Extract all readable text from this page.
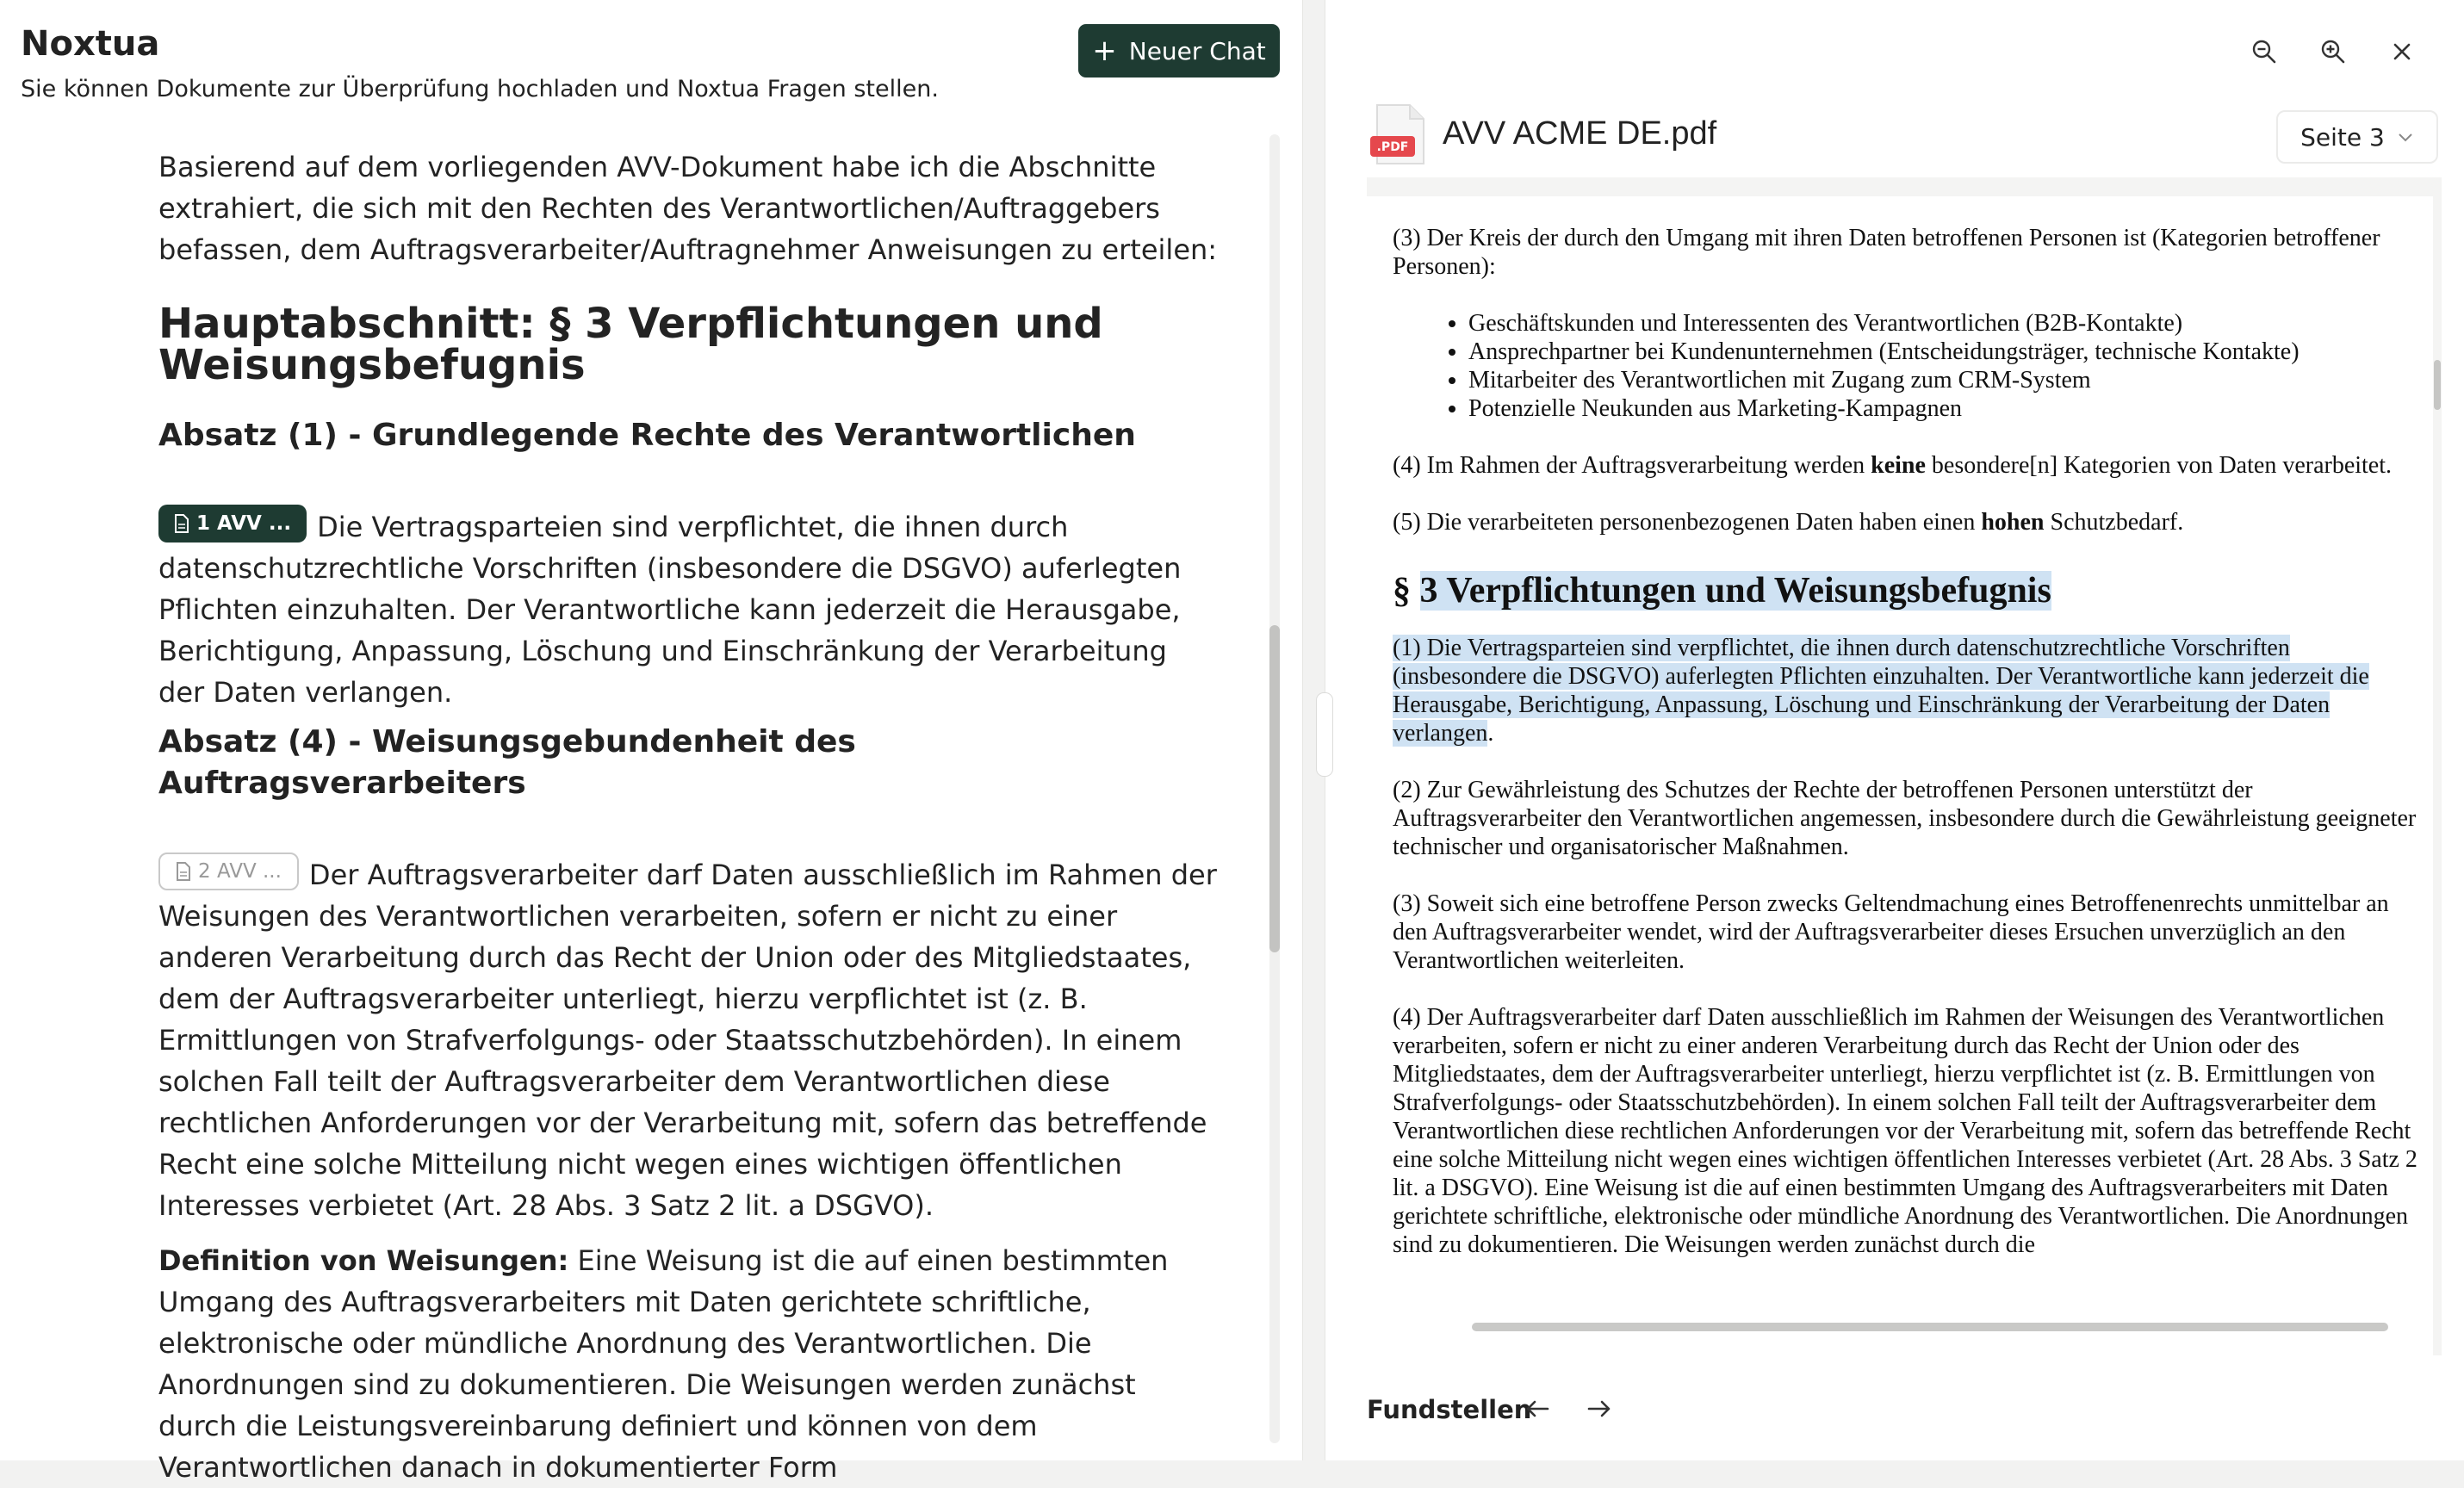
Noxtua
Sie können Dokumente zur Überprüfung hochladen und Noxtua Fragen stellen.
+ Neuer Chat

Basierend auf dem vorliegenden AVV-Dokument habe ich die Abschnitte extrahiert, die sich mit den Rechten des Verantwortlichen/Auftraggebers befassen, dem Auftragsverarbeiter/Auftragnehmer Anweisungen zu erteilen:

Hauptabschnitt: § 3 Verpflichtungen und Weisungsbefugnis
Absatz (1) - Grundlegende Rechte des Verantwortlichen

1 AVV ... Die Vertragsparteien sind verpflichtet, die ihnen durch datenschutzrechtliche Vorschriften (insbesondere die DSGVO) auferlegten Pflichten einzuhalten. Der Verantwortliche kann jederzeit die Herausgabe, Berichtigung, Anpassung, Löschung und Einschränkung der Verarbeitung der Daten verlangen.

Absatz (4) - Weisungsgebundenheit des Auftragsverarbeiters

2 AVV ... Der Auftragsverarbeiter darf Daten ausschließlich im Rahmen der Weisungen des Verantwortlichen verarbeiten, sofern er nicht zu einer anderen Verarbeitung durch das Recht der Union oder des Mitgliedstaates, dem der Auftragsverarbeiter unterliegt, hierzu verpflichtet ist (z. B. Ermittlungen von Strafverfolgungs- oder Staatsschutzbehörden). In einem solchen Fall teilt der Auftragsverarbeiter dem Verantwortlichen diese rechtlichen Anforderungen vor der Verarbeitung mit, sofern das betreffende Recht eine solche Mitteilung nicht wegen eines wichtigen öffentlichen Interesses verbietet (Art. 28 Abs. 3 Satz 2 lit. a DSGVO).

Definition von Weisungen: Eine Weisung ist die auf einen bestimmten Umgang des Auftragsverarbeiters mit Daten gerichtete schriftliche, elektronische oder mündliche Anordnung des Verantwortlichen. Die Anordnungen sind zu dokumentieren. Die Weisungen werden zunächst durch die Leistungsvereinbarung definiert und können von dem Verantwortlichen danach in dokumentierter Form

.PDF AVV ACME DE.pdf	Seite 3

(3) Der Kreis der durch den Umgang mit ihren Daten betroffenen Personen ist (Kategorien betroffener Personen):

• Geschäftskunden und Interessenten des Verantwortlichen (B2B-Kontakte)
• Ansprechpartner bei Kundenunternehmen (Entscheidungsträger, technische Kontakte)
• Mitarbeiter des Verantwortlichen mit Zugang zum CRM-System
• Potenzielle Neukunden aus Marketing-Kampagnen

(4) Im Rahmen der Auftragsverarbeitung werden keine besondere[n] Kategorien von Daten verarbeitet.

(5) Die verarbeiteten personenbezogenen Daten haben einen hohen Schutzbedarf.

§ 3 Verpflichtungen und Weisungsbefugnis

(1) Die Vertragsparteien sind verpflichtet, die ihnen durch datenschutzrechtliche Vorschriften (insbesondere die DSGVO) auferlegten Pflichten einzuhalten. Der Verantwortliche kann jederzeit die Herausgabe, Berichtigung, Anpassung, Löschung und Einschränkung der Verarbeitung der Daten verlangen.

(2) Zur Gewährleistung des Schutzes der Rechte der betroffenen Personen unterstützt der Auftragsverarbeiter den Verantwortlichen angemessen, insbesondere durch die Gewährleistung geeigneter technischer und organisatorischer Maßnahmen.

(3) Soweit sich eine betroffene Person zwecks Geltendmachung eines Betroffenenrechts unmittelbar an den Auftragsverarbeiter wendet, wird der Auftragsverarbeiter dieses Ersuchen unverzüglich an den Verantwortlichen weiterleiten.

(4) Der Auftragsverarbeiter darf Daten ausschließlich im Rahmen der Weisungen des Verantwortlichen verarbeiten, sofern er nicht zu einer anderen Verarbeitung durch das Recht der Union oder des Mitgliedstaates, dem der Auftragsverarbeiter unterliegt, hierzu verpflichtet ist (z. B. Ermittlungen von Strafverfolgungs- oder Staatsschutzbehörden). In einem solchen Fall teilt der Auftragsverarbeiter dem Verantwortlichen diese rechtlichen Anforderungen vor der Verarbeitung mit, sofern das betreffende Recht eine solche Mitteilung nicht wegen eines wichtigen öffentlichen Interesses verbietet (Art. 28 Abs. 3 Satz 2 lit. a DSGVO). Eine Weisung ist die auf einen bestimmten Umgang des Auftragsverarbeiters mit Daten gerichtete schriftliche, elektronische oder mündliche Anordnung des Verantwortlichen. Die Anordnungen sind zu dokumentieren. Die Weisungen werden zunächst durch die

Fundstellen
